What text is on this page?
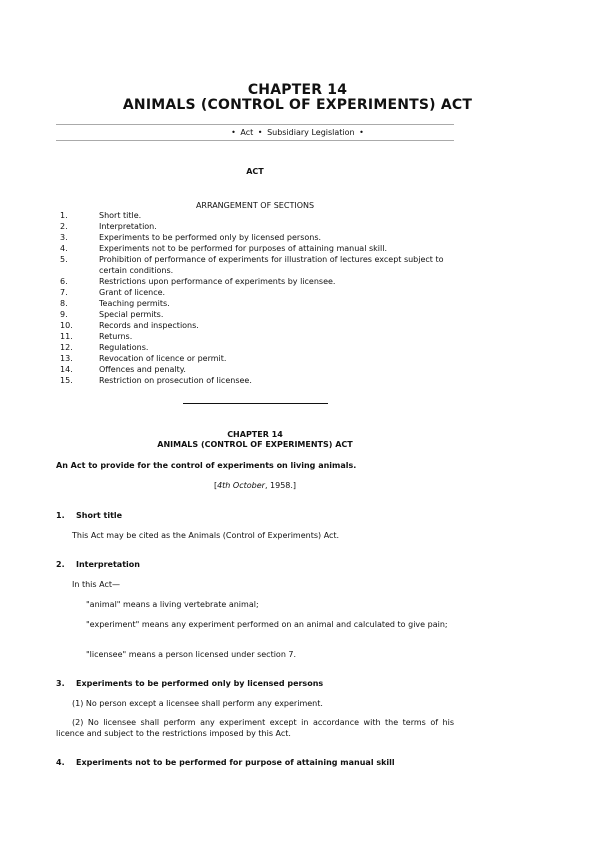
CHAPTER 14
ANIMALS (CONTROL OF EXPERIMENTS) ACT
• Act • Subsidiary Legislation •
ACT
ARRANGEMENT OF SECTIONS
1.	Short title.
2.	Interpretation.
3.	Experiments to be performed only by licensed persons.
4.	Experiments not to be performed for purposes of attaining manual skill.
5.	Prohibition of performance of experiments for illustration of lectures except subject to certain conditions.
6.	Restrictions upon performance of experiments by licensee.
7.	Grant of licence.
8.	Teaching permits.
9.	Special permits.
10.	Records and inspections.
11.	Returns.
12.	Regulations.
13.	Revocation of licence or permit.
14.	Offences and penalty.
15.	Restriction on prosecution of licensee.
CHAPTER 14
ANIMALS (CONTROL OF EXPERIMENTS) ACT
An Act to provide for the control of experiments on living animals.
[4th October, 1958.]
1. Short title
This Act may be cited as the Animals (Control of Experiments) Act.
2. Interpretation
In this Act—
"animal" means a living vertebrate animal;
"experiment" means any experiment performed on an animal and calculated to give pain;
"licensee" means a person licensed under section 7.
3. Experiments to be performed only by licensed persons
(1) No person except a licensee shall perform any experiment.
(2) No licensee shall perform any experiment except in accordance with the terms of his licence and subject to the restrictions imposed by this Act.
4. Experiments not to be performed for purpose of attaining manual skill
